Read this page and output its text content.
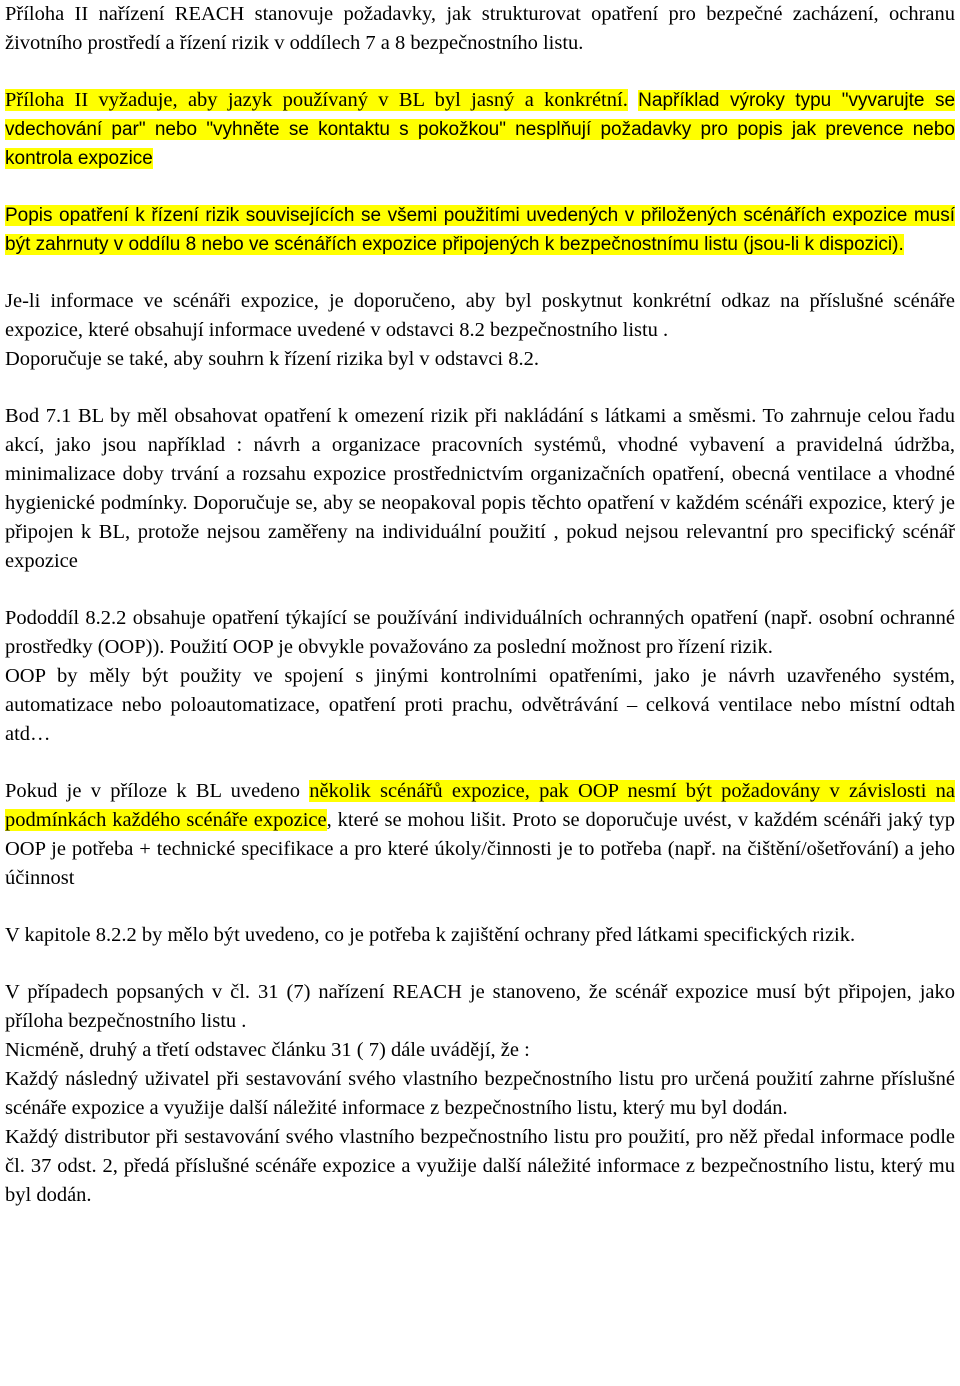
Příloha II nařízení REACH stanovuje požadavky, jak strukturovat opatření pro bezpečné zacházení, ochranu životního prostředí a řízení rizik v oddílech 7 a 8 bezpečnostního listu.

Příloha II vyžaduje, aby jazyk používaný v BL byl jasný a konkrétní. Například výroky typu "vyvarujte se vdechování par" nebo "vyhněte se kontaktu s pokožkou" nesplňují požadavky pro popis jak prevence nebo kontrola expozice

Popis opatření k řízení rizik souvisejících se všemi použitími uvedených v přiložených scénářích expozice musí být zahrnuty v oddílu 8 nebo ve scénářích expozice připojených k bezpečnostnímu listu (jsou-li k dispozici).

Je-li informace ve scénáři expozice, je doporučeno, aby byl poskytnut konkrétní odkaz na příslušné scénáře expozice, které obsahují informace uvedené v odstavci 8.2 bezpečnostního listu .

Doporučuje se také, aby souhrn k řízení rizika byl v odstavci 8.2.

Bod 7.1 BL by měl obsahovat opatření k omezení rizik při nakládání s látkami a směsmi. To zahrnuje celou řadu akcí, jako jsou například : návrh a organizace pracovních systémů, vhodné vybavení a pravidelná údržba, minimalizace doby trvání a rozsahu expozice prostřednictvím organizačních opatření, obecná ventilace a vhodné hygienické podmínky. Doporučuje se, aby se neopakoval popis těchto opatření v každém scénáři expozice, který je připojen k BL, protože nejsou zaměřeny na individuální použití , pokud nejsou relevantní pro specifický scénář expozice

Pododdíl 8.2.2 obsahuje opatření týkající se používání individuálních ochranných opatření (např. osobní ochranné prostředky (OOP)). Použití OOP je obvykle považováno za poslední možnost pro řízení rizik.

OOP by měly být použity ve spojení s jinými kontrolními opatřeními, jako je návrh uzavřeného systém, automatizace nebo poloautomatizace, opatření proti prachu, odvětrávání – celková ventilace nebo místní odtah atd…

Pokud je v příloze k BL uvedeno několik scénářů expozice, pak OOP nesmí být požadovány v závislosti na podmínkách každého scénáře expozice, které se mohou lišit. Proto se doporučuje uvést, v každém scénáři jaký typ OOP je potřeba + technické specifikace a pro které úkoly/činnosti je to potřeba (např. na čištění/ošetřování) a jeho účinnost

V kapitole 8.2.2 by mělo být uvedeno, co je potřeba k zajištění ochrany před látkami specifických rizik.

V případech popsaných v čl. 31 (7) nařízení REACH je stanoveno, že scénář expozice musí být připojen, jako příloha bezpečnostního listu .

Nicméně, druhý a třetí odstavec článku 31 ( 7) dále uvádějí, že :

Každý následný uživatel při sestavování svého vlastního bezpečnostního listu pro určená použití zahrne příslušné scénáře expozice a využije další náležité informace z bezpečnostního listu, který mu byl dodán.

Každý distributor při sestavování svého vlastního bezpečnostního listu pro použití, pro něž předal informace podle čl. 37 odst. 2, předá příslušné scénáře expozice a využije další náležité informace z bezpečnostního listu, který mu byl dodán.
